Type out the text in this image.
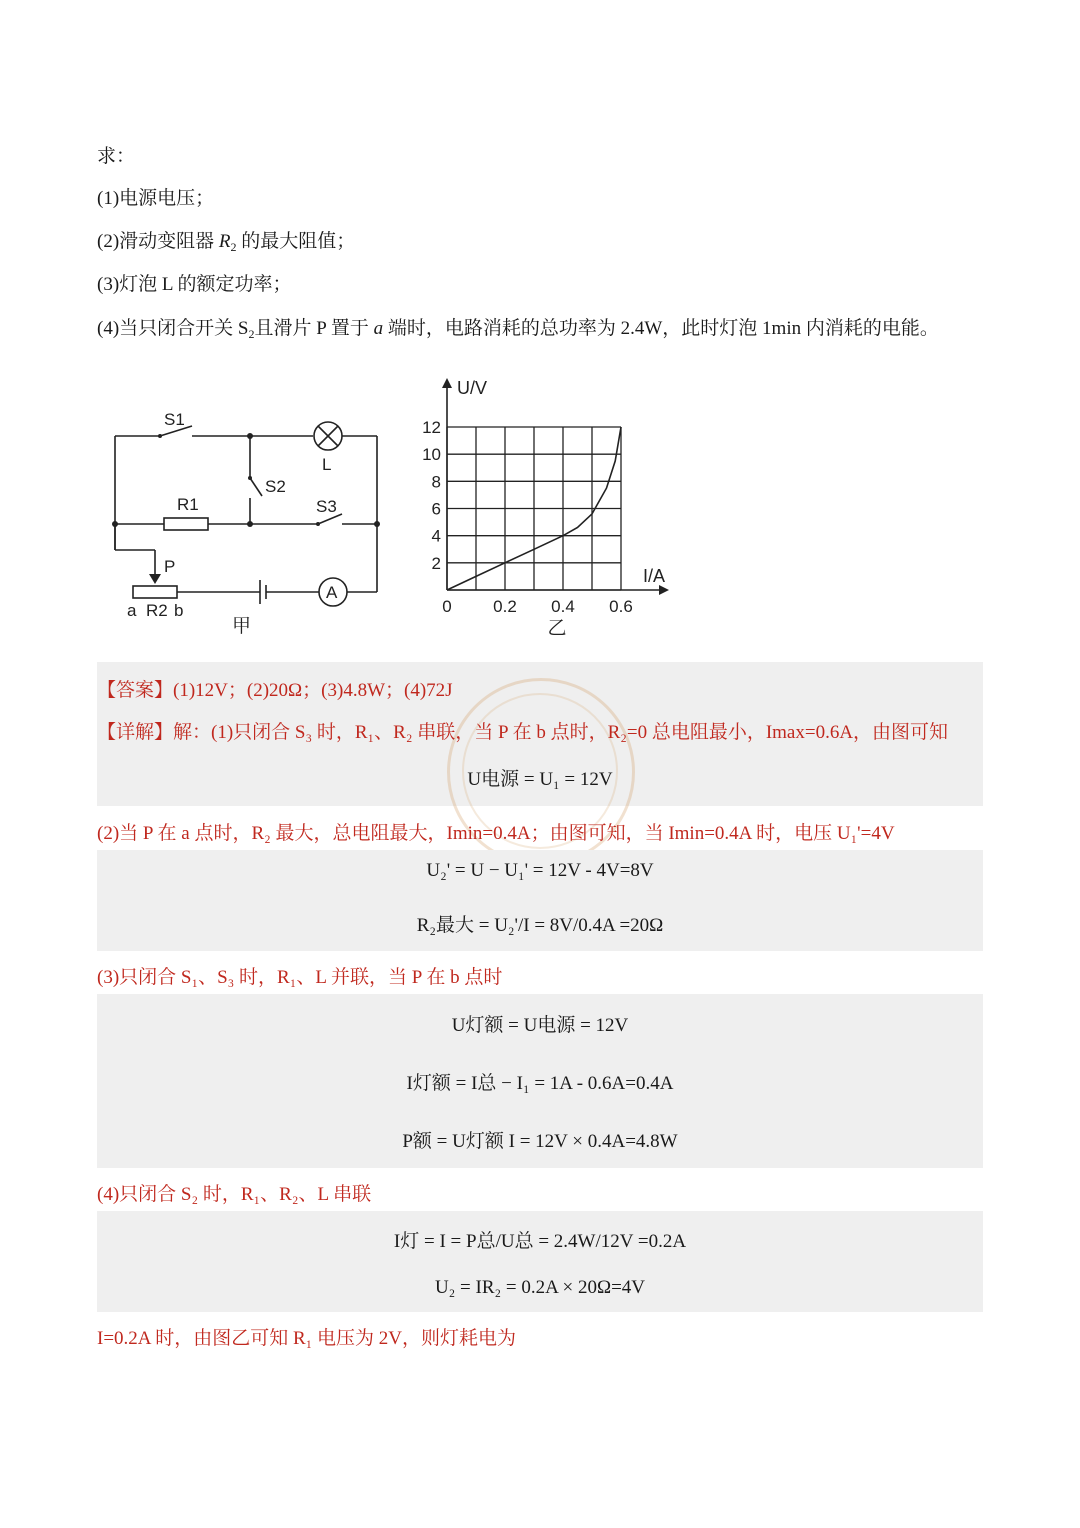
求：
(1)电源电压；
(2)滑动变阻器 $R_2$ 的最大阻值；
(3)灯泡 L 的额定功率；
(4)当只闭合开关 $S_2$且滑片 P 置于 a 端时，电路消耗的总功率为 2.4W，此时灯泡 1min 内消耗的电能。
S1
L
S2
R1	S3
P
a R2 b
A
甲
2
4
6
8
10
12
0 0.2 0.4 0.6
U/V
I/A
乙
【答案】(1)12V；(2)20Ω；(3)4.8W；(4)72J
【详解】解：(1)只闭合 S₃ 时，R₁、R₂ 串联，当 P 在 b 点时，R₂=0 总电阻最小，Imax=0.6A，由图可知
U电源 = U₁ = 12V
(2)当 P 在 a 点时，R₂ 最大，总电阻最大，Imin=0.4A；由图可知，当 Imin=0.4A 时，电压 U₁'=4V
U₂' = U − U₁' = 12V - 4V=8V
R₂最大 = U₂'/I = 8V/0.4A =20Ω
(3)只闭合 S₁、S₃ 时，R₁、L 并联，当 P 在 b 点时
U灯额 = U电源 = 12V
I灯额 = I总 − I₁ = 1A - 0.6A=0.4A
P额 = U灯额 I = 12V × 0.4A=4.8W
(4)只闭合 S₂ 时，R₁、R₂、L 串联
I灯 = I = P总/U总 = 2.4W/12V =0.2A
U₂ = IR₂ = 0.2A × 20Ω=4V
I=0.2A 时，由图乙可知 R₁ 电压为 2V，则灯耗电为
